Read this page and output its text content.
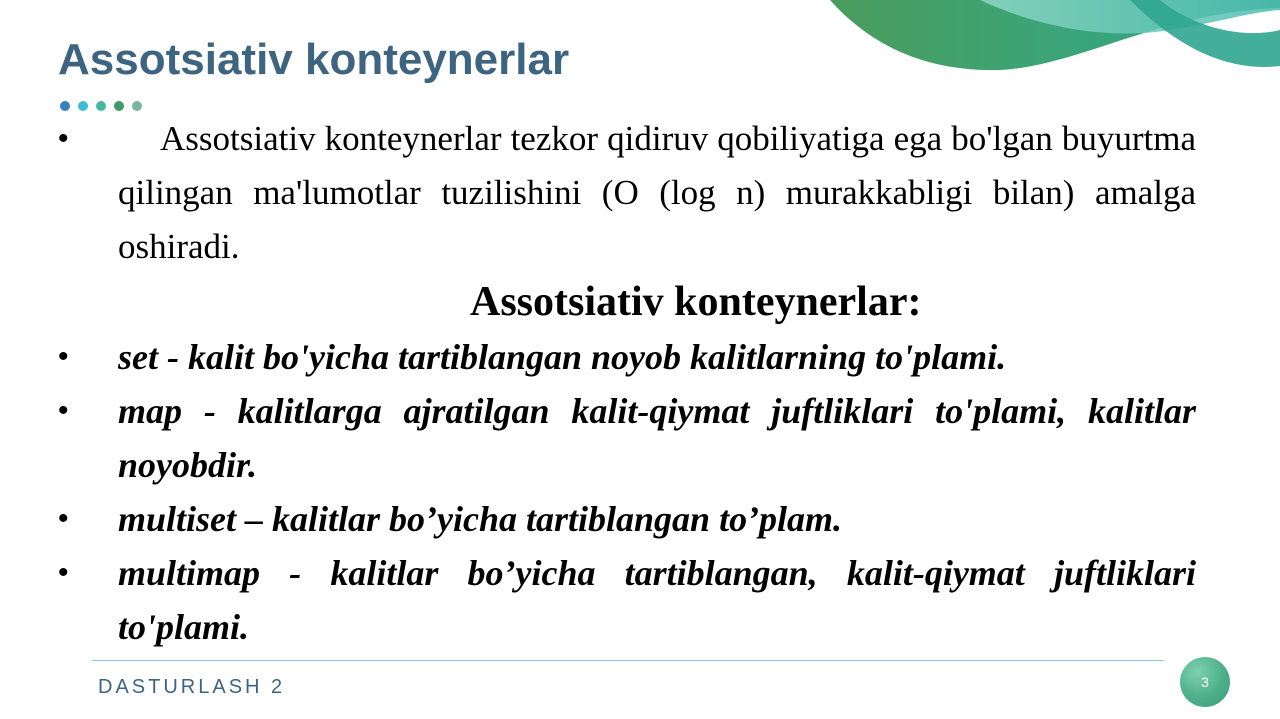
Assotsiativ konteynerlar
•	Assotsiativ konteynerlar tezkor qidiruv qobiliyatiga ega bo'lgan buyurtma qilingan ma'lumotlar tuzilishini (O (log n) murakkabligi bilan) amalga oshiradi.
Assotsiativ konteynerlar:
• set - kalit bo'yicha tartiblangan noyob kalitlarning to'plami.
• map - kalitlarga ajratilgan kalit-qiymat juftliklari to'plami, kalitlar noyobdir.
• multiset – kalitlar bo’yicha tartiblangan to’plam.
• multimap - kalitlar bo’yicha tartiblangan, kalit-qiymat juftliklari to'plami.
DASTURLASH 2	3
